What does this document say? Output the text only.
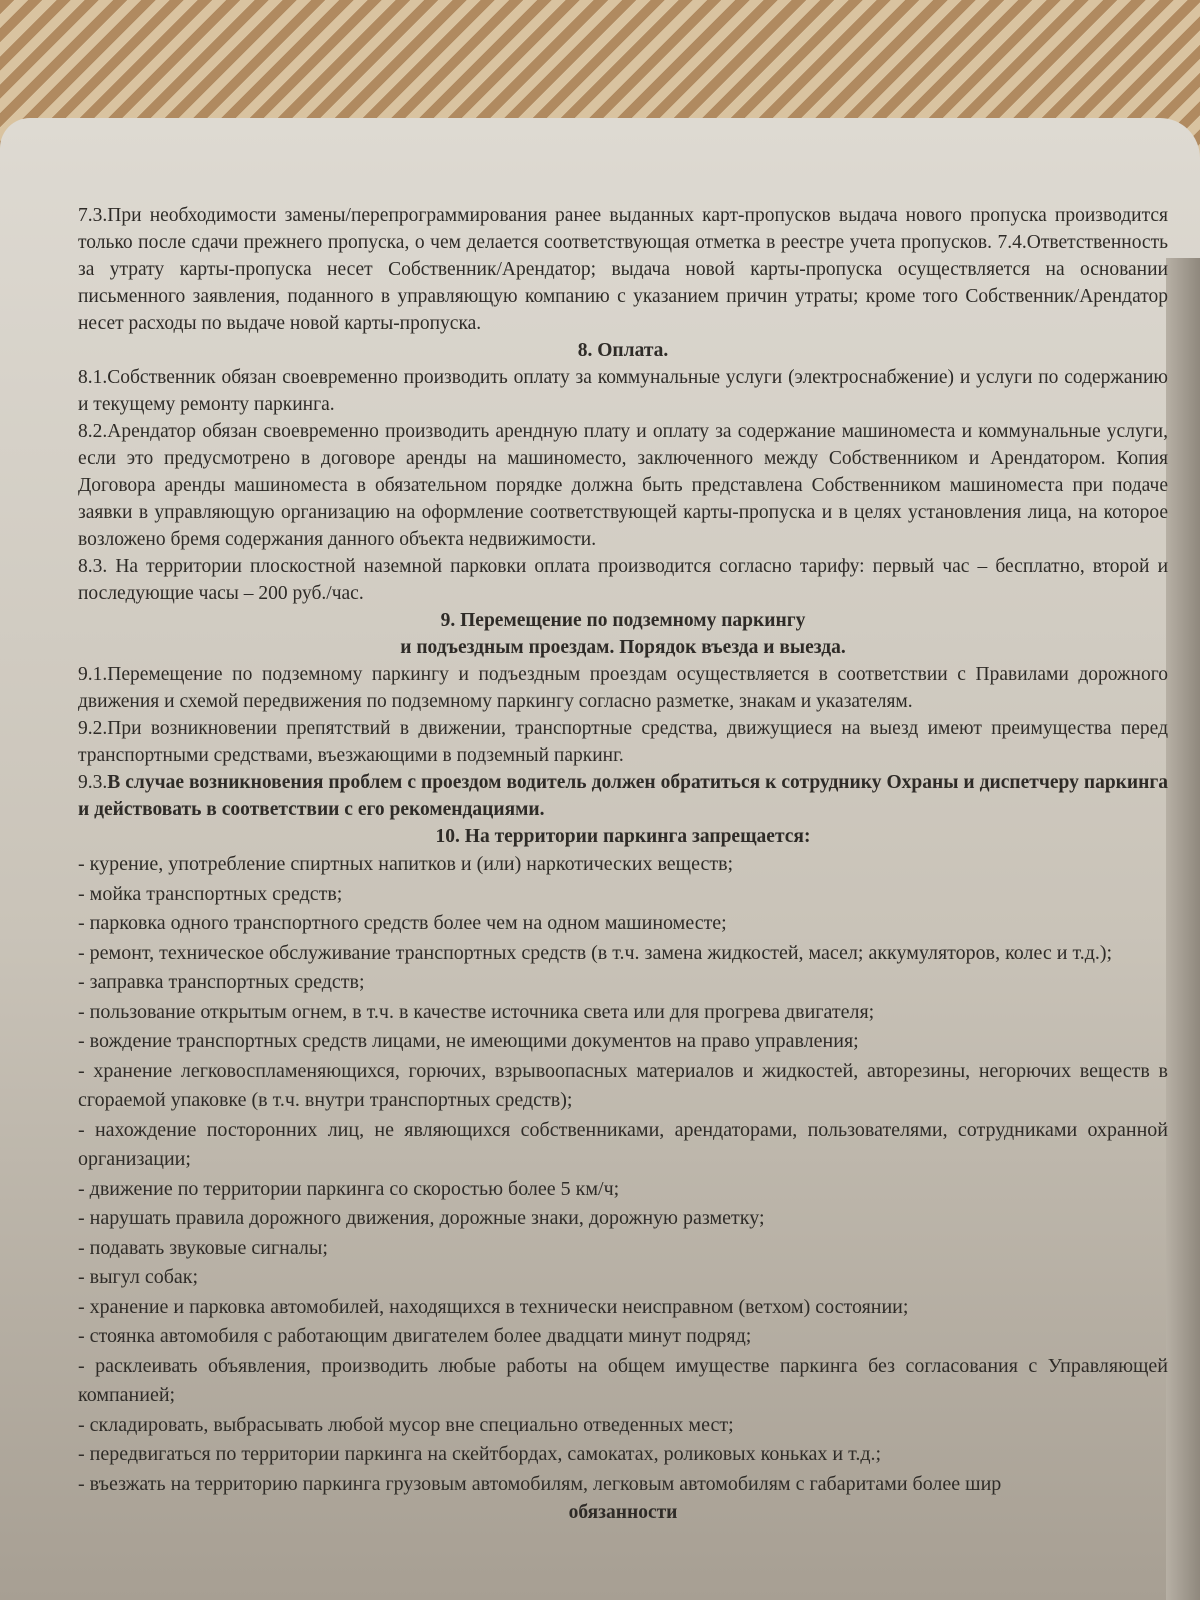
7.3.При необходимости замены/перепрограммирования ранее выданных карт-пропусков выдача нового пропуска производится только после сдачи прежнего пропуска, о чем делается соответствующая отметка в реестре учета пропусков. 7.4.Ответственность за утрату карты-пропуска несет Собственник/Арендатор; выдача новой карты-пропуска осуществляется на основании письменного заявления, поданного в управляющую компанию с указанием причин утраты; кроме того Собственник/Арендатор несет расходы по выдаче новой карты-пропуска.

8. Оплата.

8.1.Собственник обязан своевременно производить оплату за коммунальные услуги (электроснабжение) и услуги по содержанию и текущему ремонту паркинга.

8.2.Арендатор обязан своевременно производить арендную плату и оплату за содержание машиноместа и коммунальные услуги, если это предусмотрено в договоре аренды на машиноместо, заключенного между Собственником и Арендатором. Копия Договора аренды машиноместа в обязательном порядке должна быть представлена Собственником машиноместа при подаче заявки в управляющую организацию на оформление соответствующей карты-пропуска и в целях установления лица, на которое возложено бремя содержания данного объекта недвижимости.

8.3. На территории плоскостной наземной парковки оплата производится согласно тарифу: первый час – бесплатно, второй и последующие часы – 200 руб./час.

9. Перемещение по подземному паркингу

и подъездным проездам. Порядок въезда и выезда.

9.1.Перемещение по подземному паркингу и подъездным проездам осуществляется в соответствии с Правилами дорожного движения и схемой передвижения по подземному паркингу согласно разметке, знакам и указателям.

9.2.При возникновении препятствий в движении, транспортные средства, движущиеся на выезд имеют преимущества перед транспортными средствами, въезжающими в подземный паркинг.

9.3.В случае возникновения проблем с проездом водитель должен обратиться к сотруднику Охраны и диспетчеру паркинга и действовать в соответствии с его рекомендациями.

10. На территории паркинга запрещается:

- курение, употребление спиртных напитков и (или) наркотических веществ;

- мойка транспортных средств;

- парковка одного транспортного средств более чем на одном машиноместе;

- ремонт, техническое обслуживание транспортных средств (в т.ч. замена жидкостей, масел; аккумуляторов, колес и т.д.);

- заправка транспортных средств;

- пользование открытым огнем, в т.ч. в качестве источника света или для прогрева двигателя;

- вождение транспортных средств лицами, не имеющими документов на право управления;

- хранение легковоспламеняющихся, горючих, взрывоопасных материалов и жидкостей, авторезины, негорючих веществ в сгораемой упаковке (в т.ч. внутри транспортных средств);

- нахождение посторонних лиц, не являющихся собственниками, арендаторами, пользователями, сотрудниками охранной организации;

- движение по территории паркинга со скоростью более 5 км/ч;

- нарушать правила дорожного движения, дорожные знаки, дорожную разметку;

- подавать звуковые сигналы;

- выгул собак;

- хранение и парковка автомобилей, находящихся в технически неисправном (ветхом) состоянии;

- стоянка автомобиля с работающим двигателем более двадцати минут подряд;

- расклеивать объявления, производить любые работы на общем имуществе паркинга без согласования с Управляющей компанией;

- складировать, выбрасывать любой мусор вне специально отведенных мест;

- передвигаться по территории паркинга на скейтбордах, самокатах, роликовых коньках и т.д.;

- въезжать на территорию паркинга грузовым автомобилям, легковым автомобилям с габаритами более шир

обязанности
